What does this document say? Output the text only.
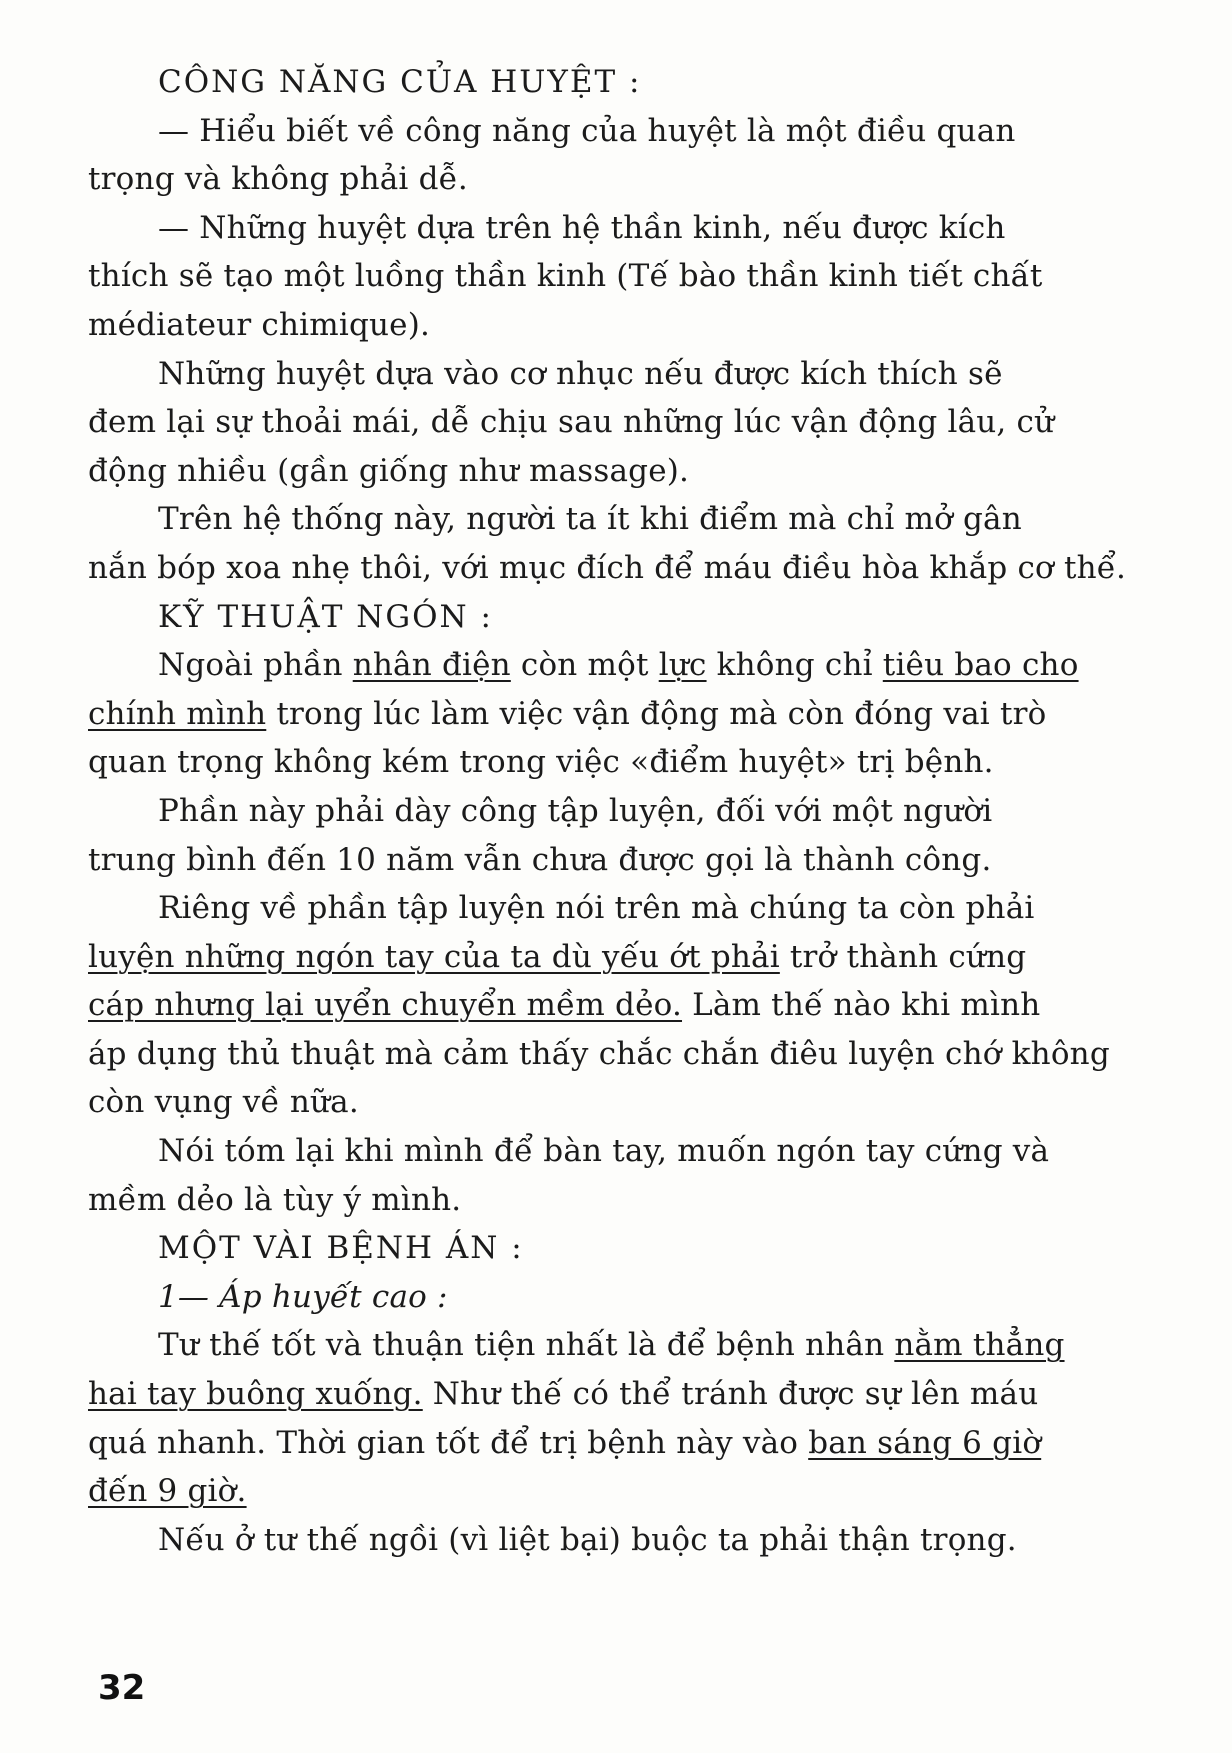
CÔNG NĂNG CỦA HUYỆT :
— Hiểu biết về công năng của huyệt là một điều quan
trọng và không phải dễ.
— Những huyệt dựa trên hệ thần kinh, nếu được kích
thích sẽ tạo một luồng thần kinh (Tế bào thần kinh tiết chất
médiateur chimique).
Những huyệt dựa vào cơ nhục nếu được kích thích sẽ
đem lại sự thoải mái, dễ chịu sau những lúc vận động lâu, cử
động nhiều (gần giống như massage).
Trên hệ thống này, người ta ít khi điểm mà chỉ mở gân
nắn bóp xoa nhẹ thôi, với mục đích để máu điều hòa khắp cơ thể.
KỸ THUẬT NGÓN :
Ngoài phần nhân điện còn một lực không chỉ tiêu bao cho
chính mình trong lúc làm việc vận động mà còn đóng vai trò
quan trọng không kém trong việc «điểm huyệt» trị bệnh.
Phần này phải dày công tập luyện, đối với một người
trung bình đến 10 năm vẫn chưa được gọi là thành công.
Riêng về phần tập luyện nói trên mà chúng ta còn phải
luyện những ngón tay của ta dù yếu ớt phải trở thành cứng
cáp nhưng lại uyển chuyển mềm dẻo. Làm thế nào khi mình
áp dụng thủ thuật mà cảm thấy chắc chắn điêu luyện chớ không
còn vụng về nữa.
Nói tóm lại khi mình để bàn tay, muốn ngón tay cứng và
mềm dẻo là tùy ý mình.
MỘT VÀI BỆNH ÁN :
1— Áp huyết cao :
Tư thế tốt và thuận tiện nhất là để bệnh nhân nằm thẳng
hai tay buông xuống. Như thế có thể tránh được sự lên máu
quá nhanh. Thời gian tốt để trị bệnh này vào ban sáng 6 giờ
đến 9 giờ.
Nếu ở tư thế ngồi (vì liệt bại) buộc ta phải thận trọng.
32
